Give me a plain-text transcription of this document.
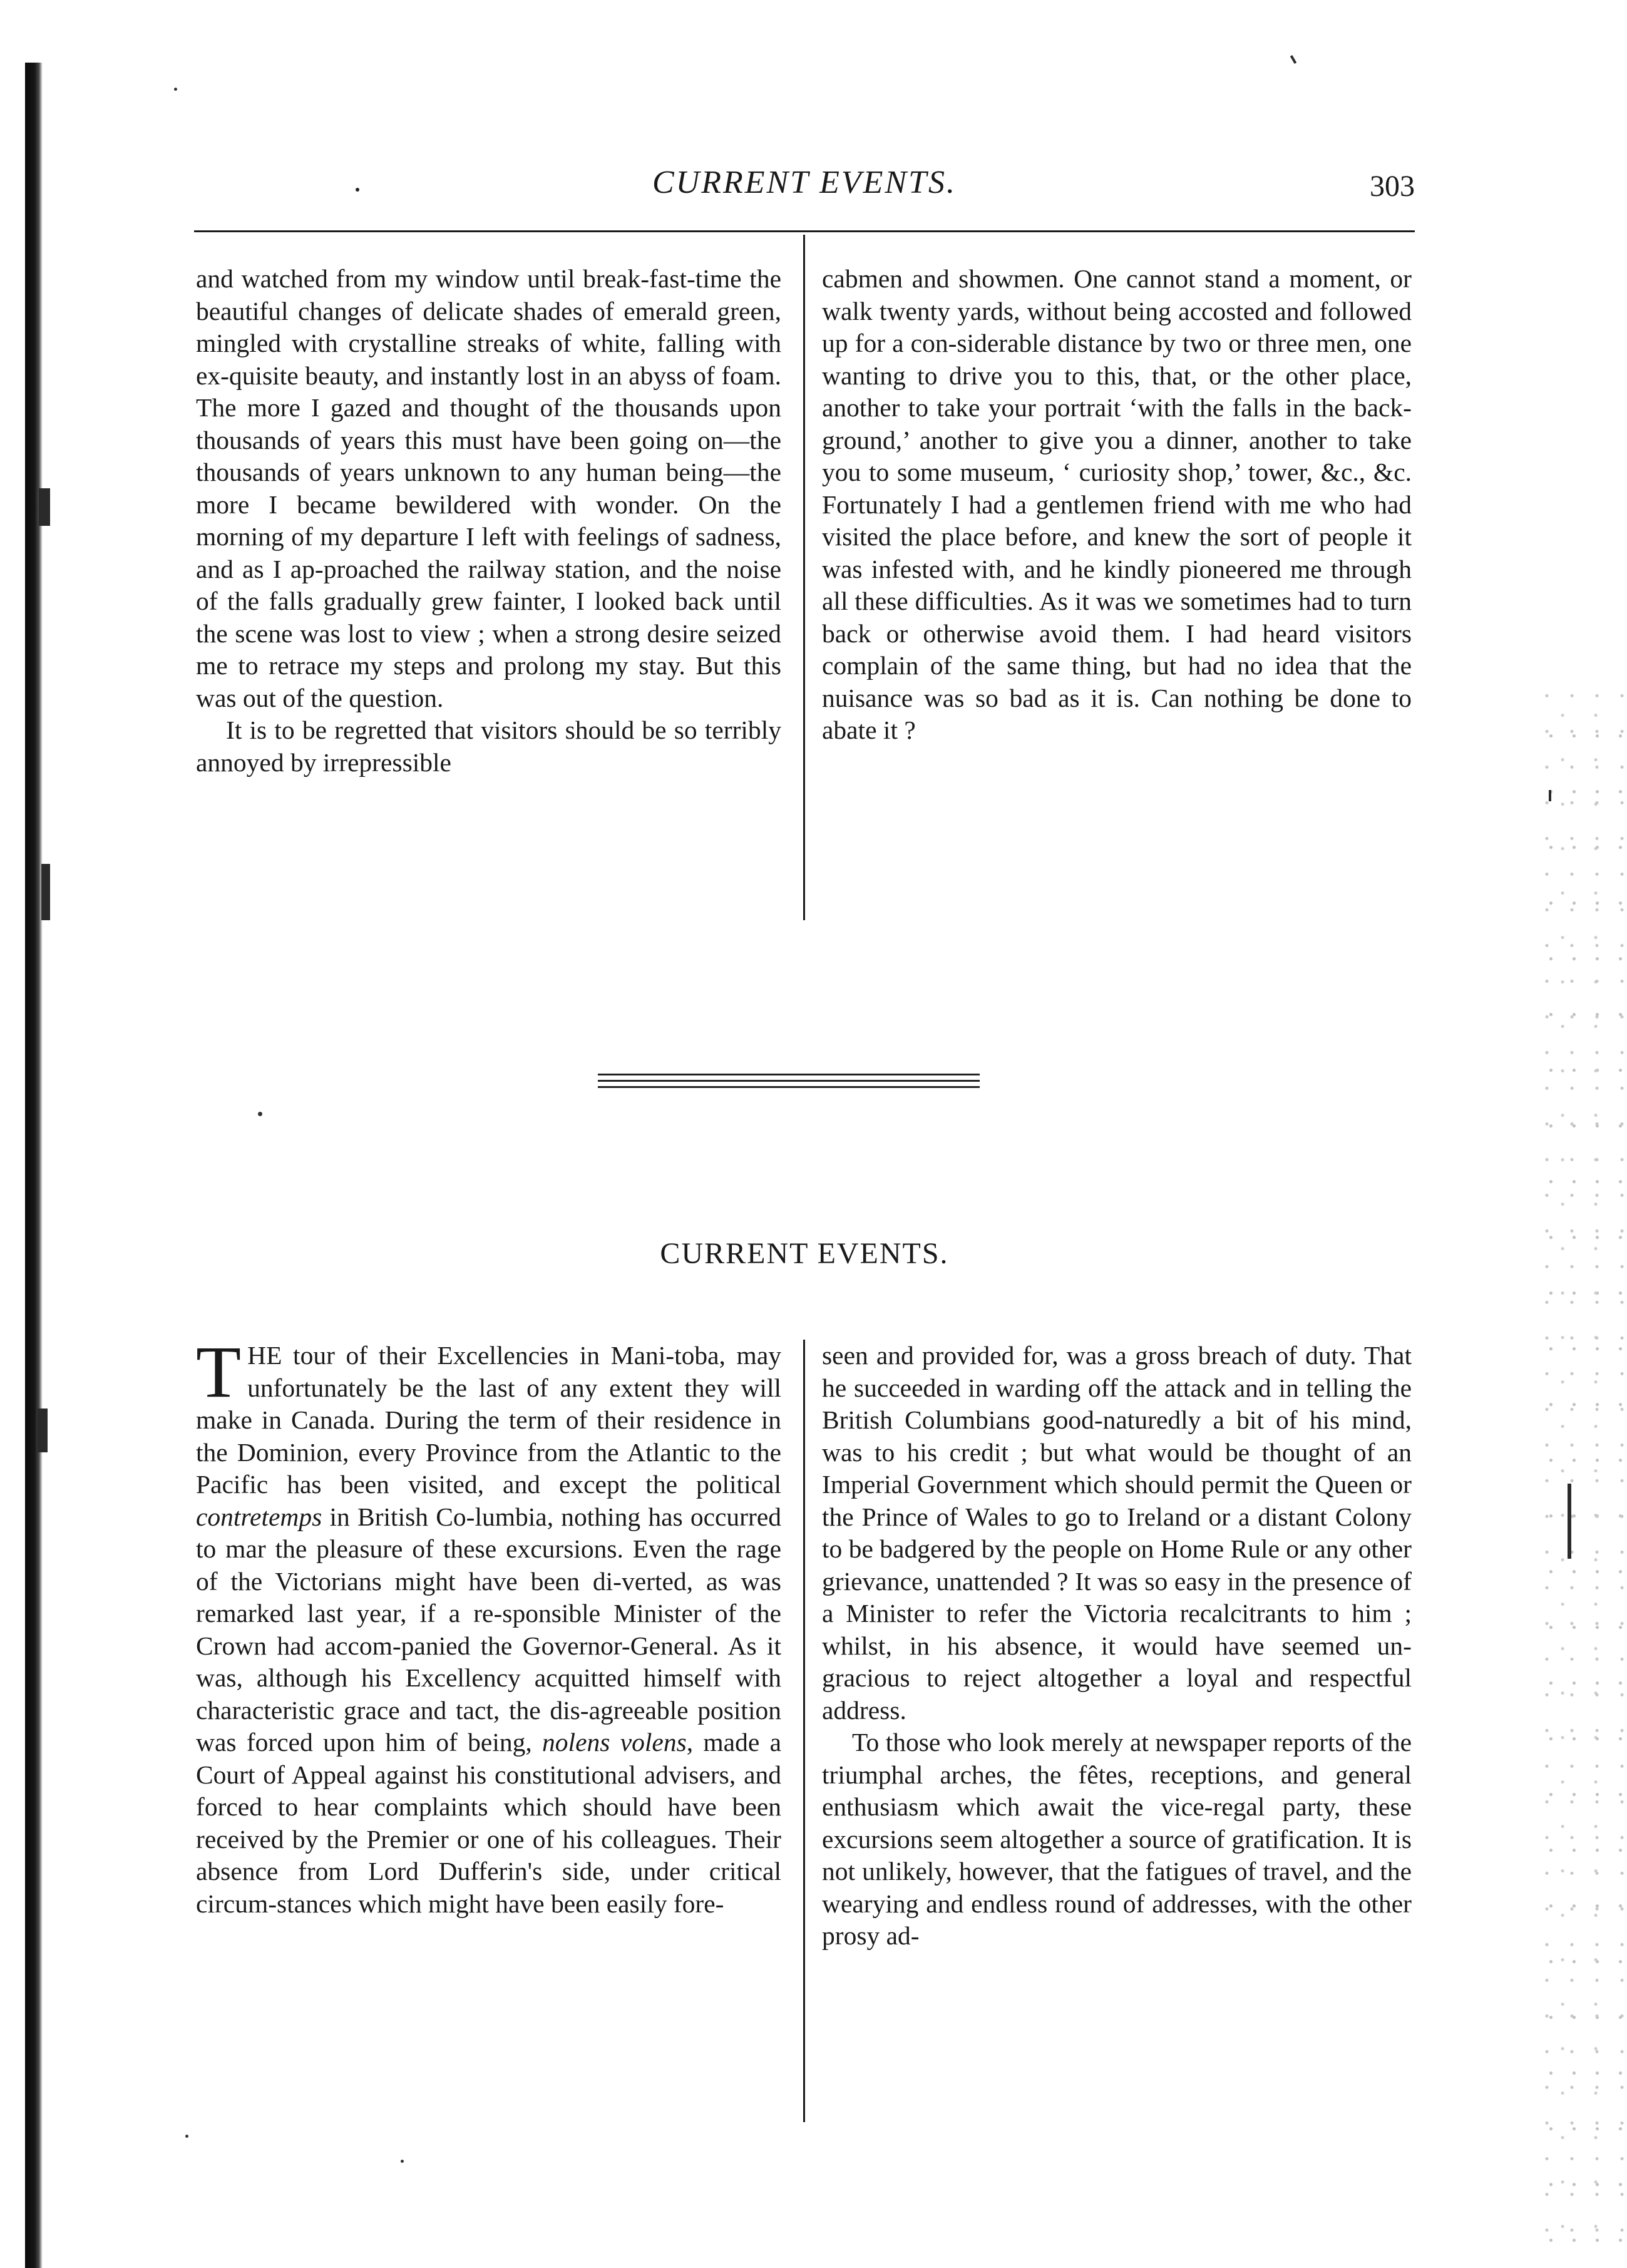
CURRENT EVENTS.	303

and watched from my window until break-fast-time the beautiful changes of delicate shades of emerald green, mingled with crystalline streaks of white, falling with ex-quisite beauty, and instantly lost in an abyss of foam. The more I gazed and thought of the thousands upon thousands of years this must have been going on—the thousands of years unknown to any human being—the more I became bewildered with wonder. On the morning of my departure I left with feelings of sadness, and as I ap-proached the railway station, and the noise of the falls gradually grew fainter, I looked back until the scene was lost to view ; when a strong desire seized me to retrace my steps and prolong my stay. But this was out of the question.

It is to be regretted that visitors should be so terribly annoyed by irrepressible

cabmen and showmen. One cannot stand a moment, or walk twenty yards, without being accosted and followed up for a con-siderable distance by two or three men, one wanting to drive you to this, that, or the other place, another to take your portrait ‘with the falls in the back-ground,’ another to give you a dinner, another to take you to some museum, ‘ curiosity shop,’ tower, &c., &c. Fortunately I had a gentlemen friend with me who had visited the place before, and knew the sort of people it was infested with, and he kindly pioneered me through all these difficulties. As it was we sometimes had to turn back or otherwise avoid them. I had heard visitors complain of the same thing, but had no idea that the nuisance was so bad as it is. Can nothing be done to abate it ?

CURRENT EVENTS.

THE tour of their Excellencies in Mani-toba, may unfortunately be the last of any extent they will make in Canada. During the term of their residence in the Dominion, every Province from the Atlantic to the Pacific has been visited, and except the political contretemps in British Co-lumbia, nothing has occurred to mar the pleasure of these excursions. Even the rage of the Victorians might have been di-verted, as was remarked last year, if a re-sponsible Minister of the Crown had accom-panied the Governor-General. As it was, although his Excellency acquitted himself with characteristic grace and tact, the dis-agreeable position was forced upon him of being, nolens volens, made a Court of Appeal against his constitutional advisers, and forced to hear complaints which should have been received by the Premier or one of his colleagues. Their absence from Lord Dufferin's side, under critical circum-stances which might have been easily fore-

seen and provided for, was a gross breach of duty. That he succeeded in warding off the attack and in telling the British Columbians good-naturedly a bit of his mind, was to his credit ; but what would be thought of an Imperial Government which should permit the Queen or the Prince of Wales to go to Ireland or a distant Colony to be badgered by the people on Home Rule or any other grievance, unattended ? It was so easy in the presence of a Minister to refer the Victoria recalcitrants to him ; whilst, in his absence, it would have seemed un-gracious to reject altogether a loyal and respectful address.

To those who look merely at newspaper reports of the triumphal arches, the fêtes, receptions, and general enthusiasm which await the vice-regal party, these excursions seem altogether a source of gratification. It is not unlikely, however, that the fatigues of travel, and the wearying and endless round of addresses, with the other prosy ad-
